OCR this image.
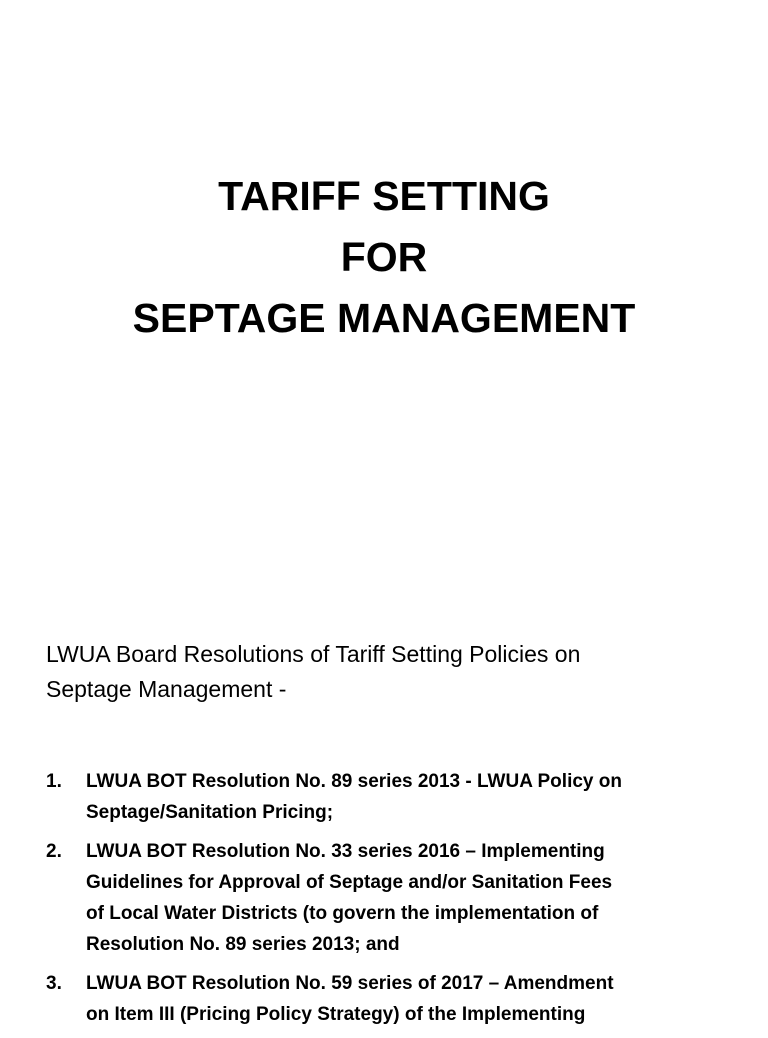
TARIFF SETTING
FOR
SEPTAGE MANAGEMENT
LWUA Board Resolutions of Tariff Setting Policies on
Septage Management -
1. LWUA BOT Resolution No. 89 series 2013 - LWUA Policy on
Septage/Sanitation Pricing;
2. LWUA BOT Resolution No. 33 series 2016 – Implementing
Guidelines for Approval of Septage and/or Sanitation Fees
of Local Water Districts (to govern the implementation of
Resolution No. 89 series 2013; and
3. LWUA BOT Resolution No. 59 series of 2017 – Amendment
on Item III (Pricing Policy Strategy) of the Implementing
